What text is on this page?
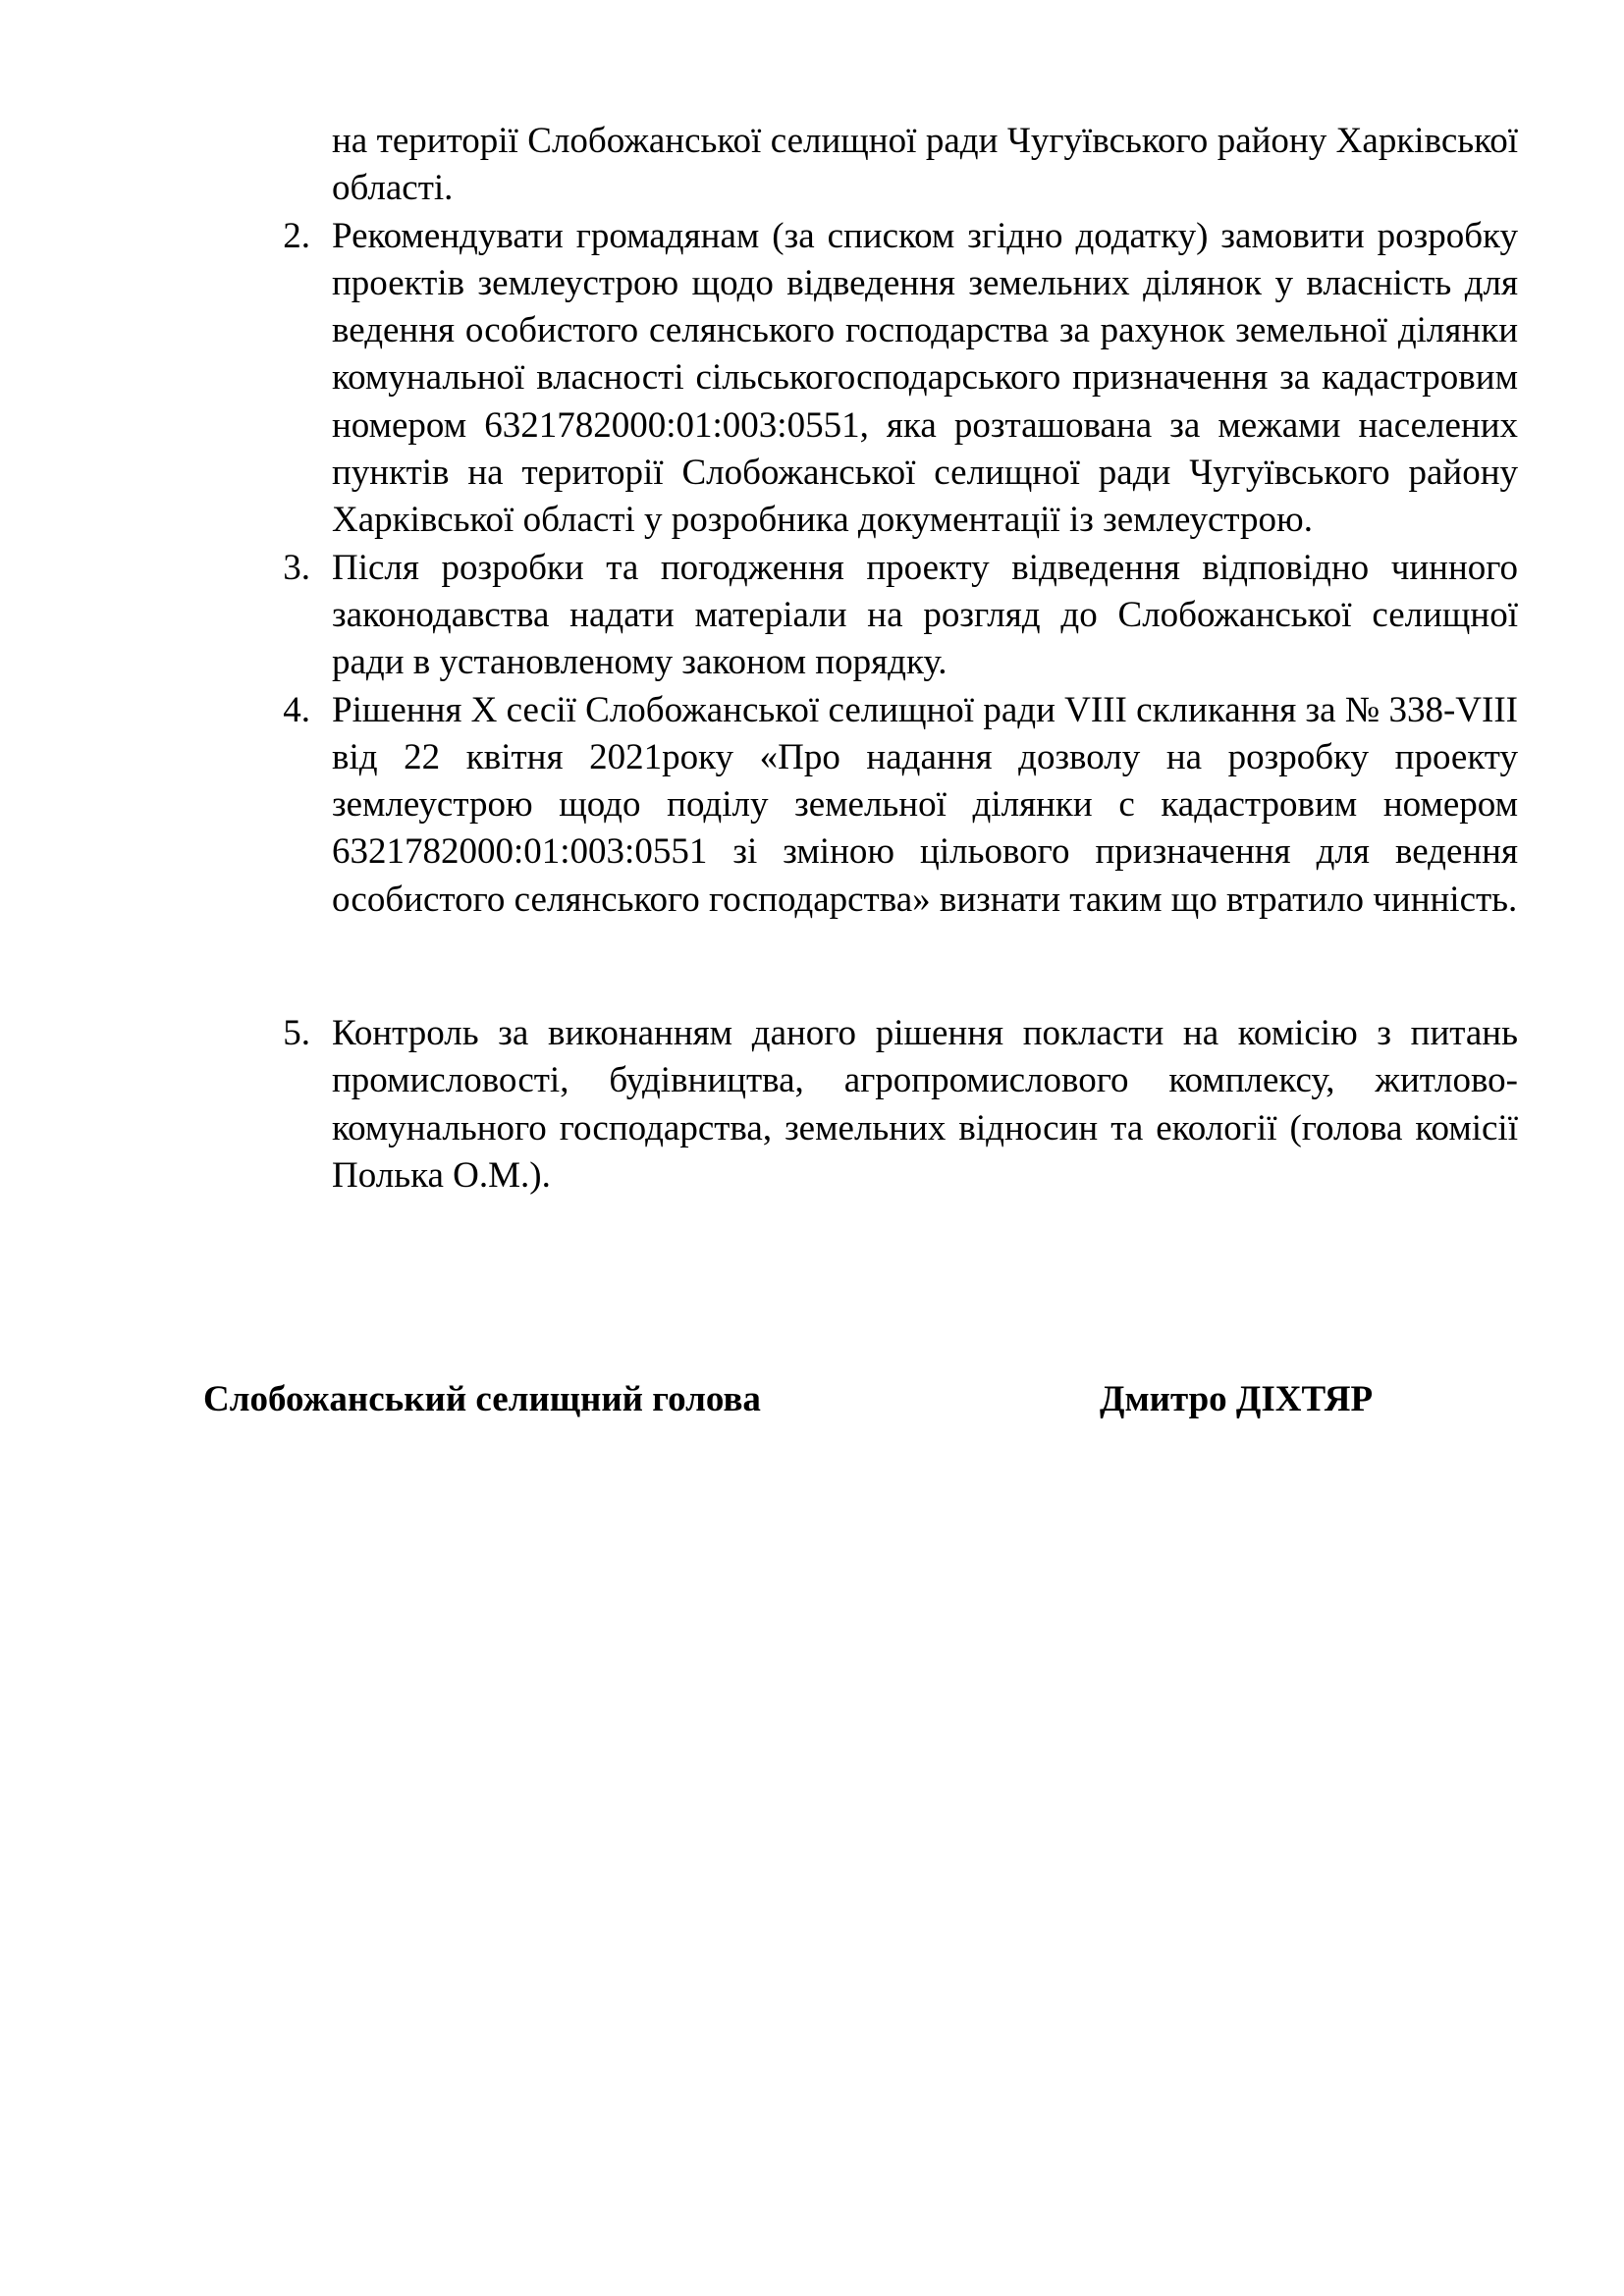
на території Слобожанської селищної ради Чугуївського району Харківської області.
2. Рекомендувати громадянам (за списком згідно додатку) замовити розробку проектів землеустрою щодо відведення земельних ділянок у власність для ведення особистого селянського господарства за рахунок земельної ділянки комунальної власності сільськогосподарського призначення за кадастровим номером 6321782000:01:003:0551, яка розташована за межами населених пунктів на території Слобожанської селищної ради Чугуївського району Харківської області у розробника документації із землеустрою.
3. Після розробки та погодження проекту відведення відповідно чинного законодавства надати матеріали на розгляд до Слобожанської селищної ради в установленому законом порядку.
4. Рішення Х сесії Слобожанської селищної ради VIII скликання за № 338-VIII від 22 квітня 2021року «Про надання дозволу на розробку проекту землеустрою щодо поділу земельної ділянки с кадастровим номером 6321782000:01:003:0551 зі зміною цільового призначення для ведення особистого селянського господарства» визнати таким що втратило чинність.
5. Контроль за виконанням даного рішення покласти на комісію з питань промисловості, будівництва, агропромислового комплексу, житлово-комунального господарства, земельних відносин та екології (голова комісії Полька О.М.).
Слобожанський селищний голова	Дмитро ДІХТЯР
